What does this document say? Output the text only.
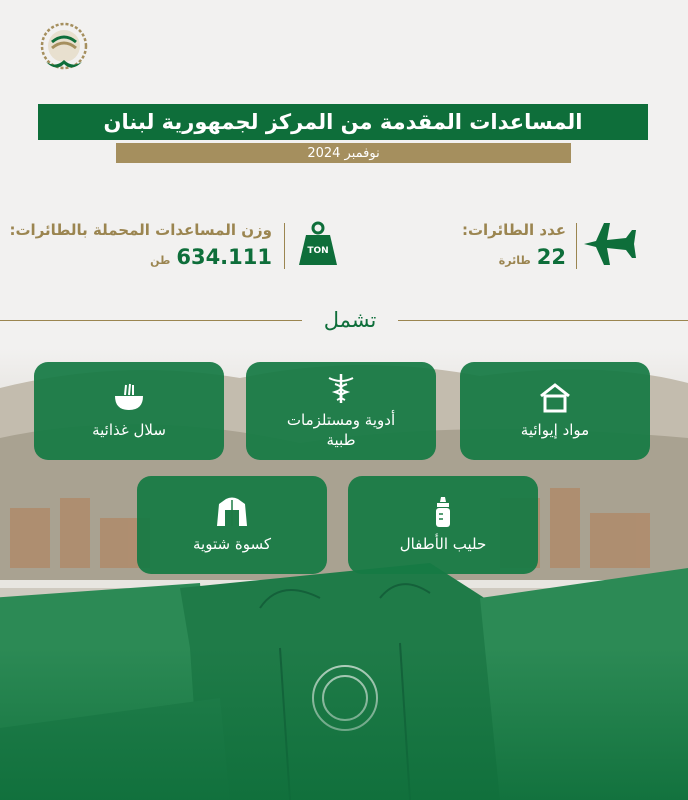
المساعدات المقدمة من المركز لجمهورية لبنان
نوفمبر 2024
عدد الطائرات:
طائرة 22
TON
وزن المساعدات المحملة بالطائرات:
طن 634.111
تشمل
مواد إيوائية
أدوية ومستلزمات طبية
سلال غذائية
حليب الأطفال
كسوة شتوية
